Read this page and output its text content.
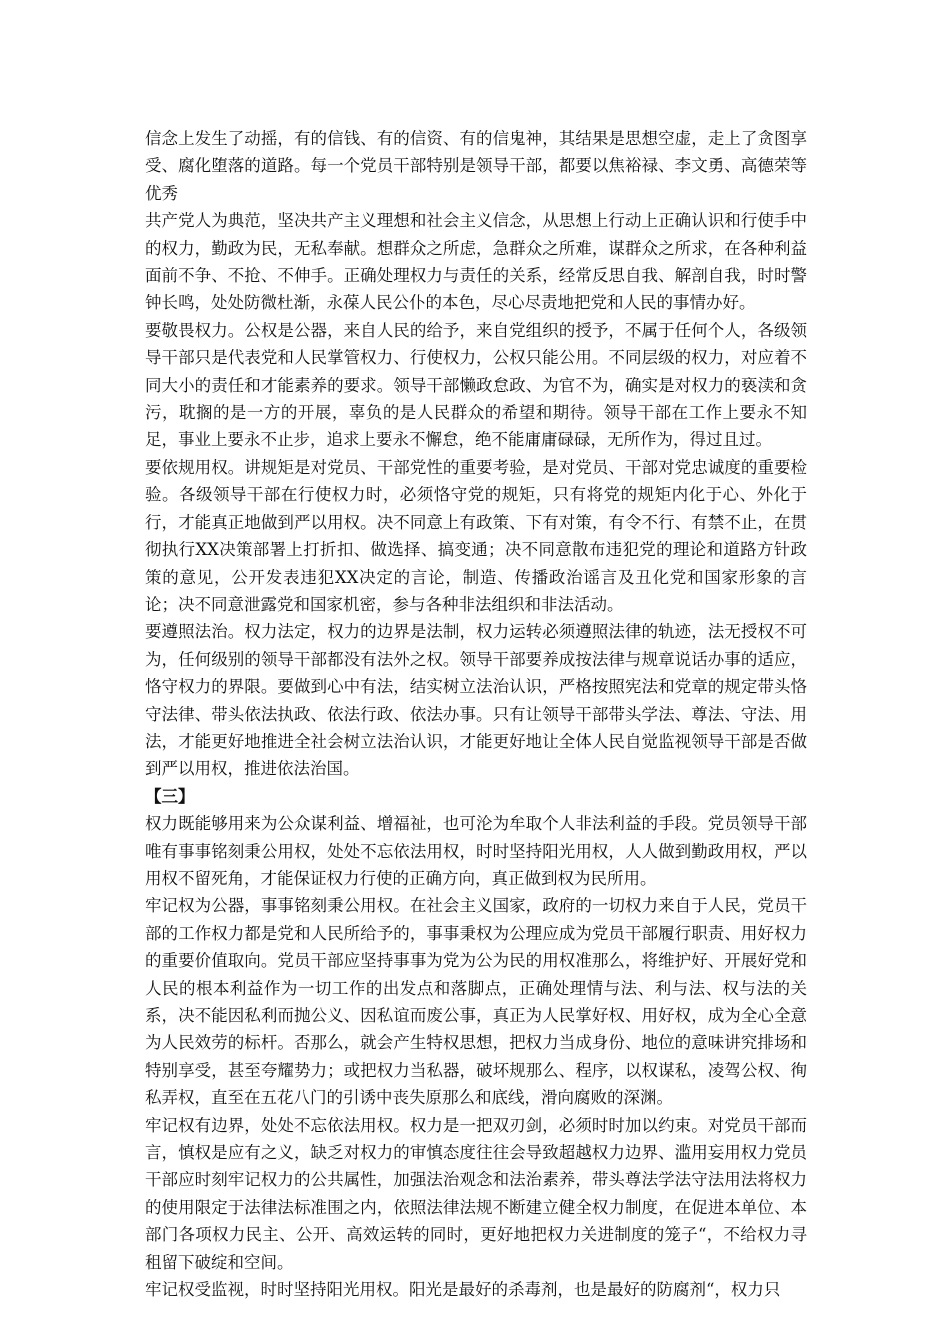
信念上发生了动摇，有的信钱、有的信资、有的信鬼神，其结果是思想空虚，走上了贪图享受、腐化堕落的道路。每一个党员干部特别是领导干部，都要以焦裕禄、李文勇、高德荣等优秀

共产党人为典范，坚决共产主义理想和社会主义信念，从思想上行动上正确认识和行使手中的权力，勤政为民，无私奉献。想群众之所虑，急群众之所难，谋群众之所求，在各种利益面前不争、不抢、不伸手。正确处理权力与责任的关系，经常反思自我、解剖自我，时时警钟长鸣，处处防微杜渐，永葆人民公仆的本色，尽心尽责地把党和人民的事情办好。

要敬畏权力。公权是公器，来自人民的给予，来自党组织的授予，不属于任何个人，各级领导干部只是代表党和人民掌管权力、行使权力，公权只能公用。不同层级的权力，对应着不同大小的责任和才能素养的要求。领导干部懒政怠政、为官不为，确实是对权力的亵渎和贪污，耽搁的是一方的开展，辜负的是人民群众的希望和期待。领导干部在工作上要永不知足，事业上要永不止步，追求上要永不懈怠，绝不能庸庸碌碌，无所作为，得过且过。

要依规用权。讲规矩是对党员、干部党性的重要考验，是对党员、干部对党忠诚度的重要检验。各级领导干部在行使权力时，必须恪守党的规矩，只有将党的规矩内化于心、外化于行，才能真正地做到严以用权。决不同意上有政策、下有对策，有令不行、有禁不止，在贯彻执行XX决策部署上打折扣、做选择、搞变通；决不同意散布违犯党的理论和道路方针政策的意见，公开发表违犯XX决定的言论，制造、传播政治谣言及丑化党和国家形象的言论；决不同意泄露党和国家机密，参与各种非法组织和非法活动。

要遵照法治。权力法定，权力的边界是法制，权力运转必须遵照法律的轨迹，法无授权不可为，任何级别的领导干部都没有法外之权。领导干部要养成按法律与规章说话办事的适应，恪守权力的界限。要做到心中有法，结实树立法治认识，严格按照宪法和党章的规定带头恪守法律、带头依法执政、依法行政、依法办事。只有让领导干部带头学法、尊法、守法、用法，才能更好地推进全社会树立法治认识，才能更好地让全体人民自觉监视领导干部是否做到严以用权，推进依法治国。

【三】

权力既能够用来为公众谋利益、增福祉，也可沦为牟取个人非法利益的手段。党员领导干部唯有事事铭刻秉公用权，处处不忘依法用权，时时坚持阳光用权，人人做到勤政用权，严以用权不留死角，才能保证权力行使的正确方向，真正做到权为民所用。

牢记权为公器，事事铭刻秉公用权。在社会主义国家，政府的一切权力来自于人民，党员干部的工作权力都是党和人民所给予的，事事秉权为公理应成为党员干部履行职责、用好权力的重要价值取向。党员干部应坚持事事为党为公为民的用权准那么，将维护好、开展好党和人民的根本利益作为一切工作的出发点和落脚点，正确处理情与法、利与法、权与法的关系，决不能因私利而抛公义、因私谊而废公事，真正为人民掌好权、用好权，成为全心全意为人民效劳的标杆。否那么，就会产生特权思想，把权力当成身份、地位的意味讲究排场和特别享受，甚至夸耀势力；或把权力当私器，破坏规那么、程序，以权谋私，凌驾公权、徇私弄权，直至在五花八门的引诱中丧失原那么和底线，滑向腐败的深渊。

牢记权有边界，处处不忘依法用权。权力是一把双刃剑，必须时时加以约束。对党员干部而言，慎权是应有之义，缺乏对权力的审慎态度往往会导致超越权力边界、滥用妄用权力党员干部应时刻牢记权力的公共属性，加强法治观念和法治素养，带头尊法学法守法用法将权力的使用限定于法律法标准围之内，依照法律法规不断建立健全权力制度，在促进本单位、本部门各项权力民主、公开、高效运转的同时，更好地把权力关进制度的笼子“，不给权力寻租留下破绽和空间。

牢记权受监视，时时坚持阳光用权。阳光是最好的杀毒剂，也是最好的防腐剂“，权力只
